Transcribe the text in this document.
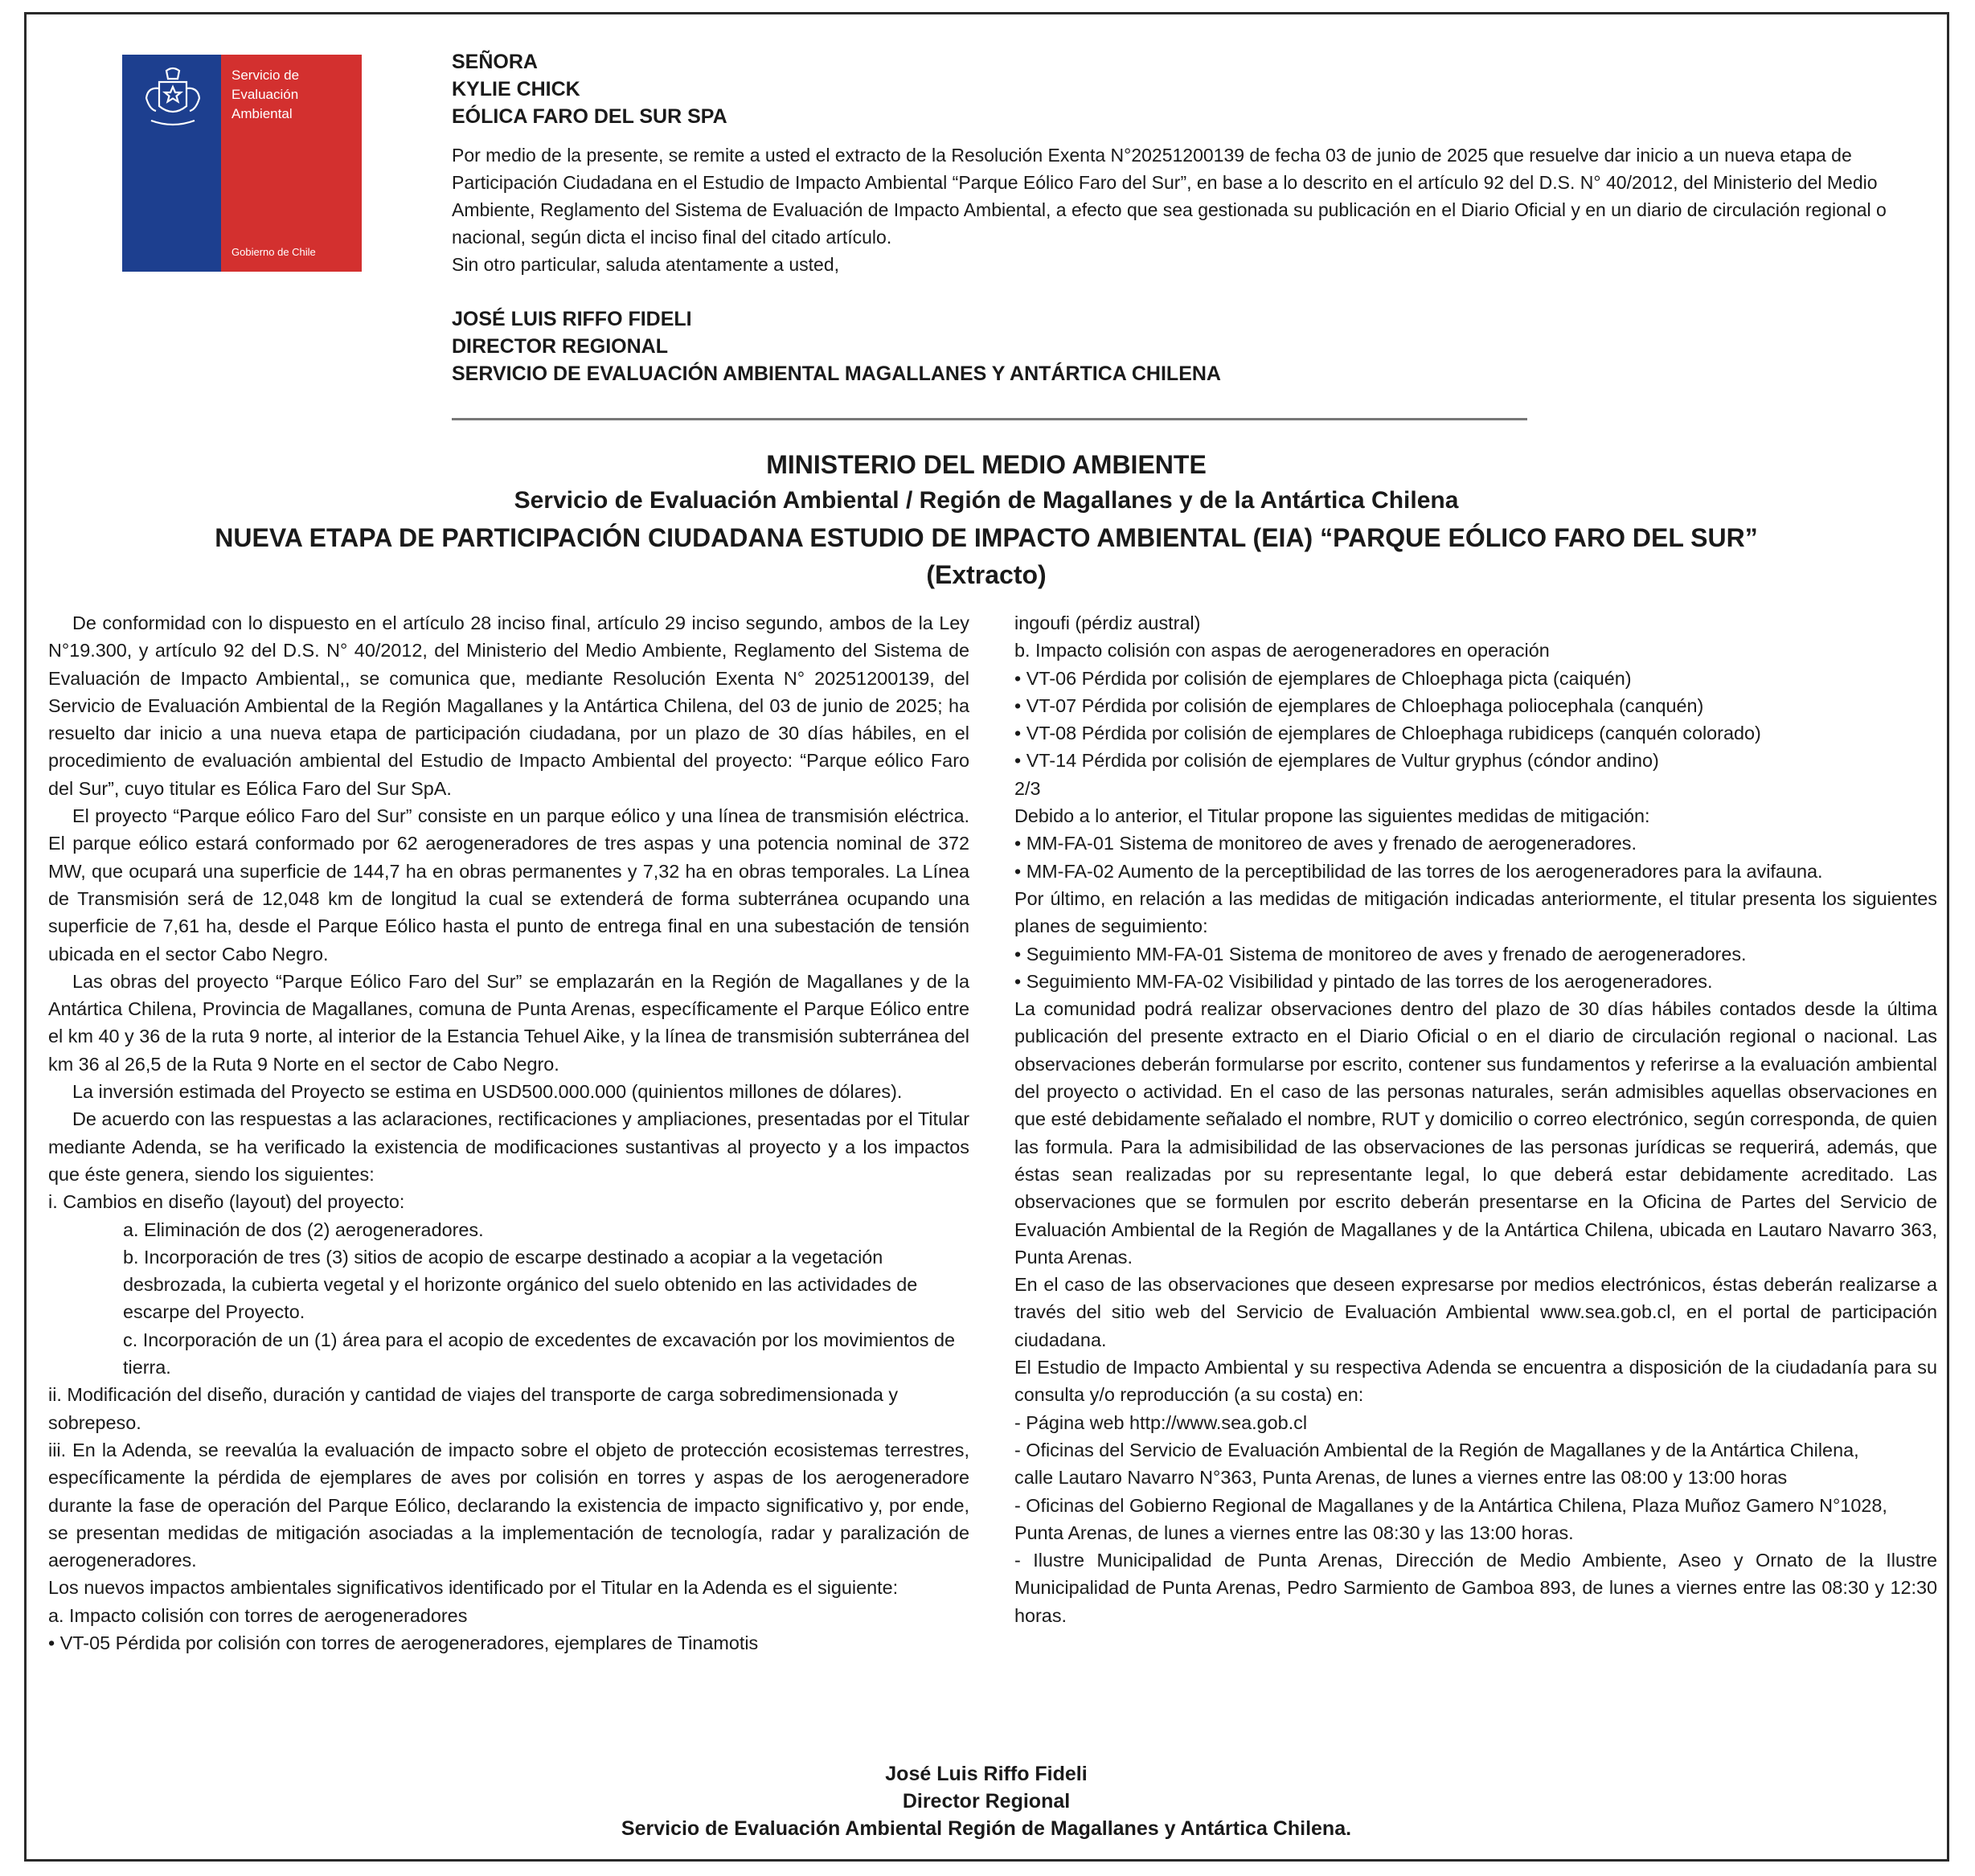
Servicio de
Evaluación
Ambiental
Gobierno de Chile

SEÑORA

KYLIE CHICK

EÓLICA FARO DEL SUR SPA

Por medio de la presente, se remite a usted el extracto de la Resolución Exenta N°20251200139 de fecha 03 de junio de 2025 que resuelve dar inicio a un nueva etapa de Participación Ciudadana en el Estudio de Impacto Ambiental “Parque Eólico Faro del Sur”, en base a lo descrito en el artículo 92 del D.S. N° 40/2012, del Ministerio del Medio Ambiente, Reglamento del Sistema de Evaluación de Impacto Ambiental, a efecto que sea gestionada su publicación en el Diario Oficial y en un diario de circulación regional o nacional, según dicta el inciso final del citado artículo.

Sin otro particular, saluda atentamente a usted,

JOSÉ LUIS RIFFO FIDELI

DIRECTOR REGIONAL

SERVICIO DE EVALUACIÓN AMBIENTAL MAGALLANES Y ANTÁRTICA CHILENA

MINISTERIO DEL MEDIO AMBIENTE
Servicio de Evaluación Ambiental / Región de Magallanes y de la Antártica Chilena
NUEVA ETAPA DE PARTICIPACIÓN CIUDADANA ESTUDIO DE IMPACTO AMBIENTAL (EIA) “PARQUE EÓLICO FARO DEL SUR”
(Extracto)

De conformidad con lo dispuesto en el artículo 28 inciso final, artículo 29 inciso segundo, ambos de la Ley N°19.300, y artículo 92 del D.S. N° 40/2012, del Ministerio del Medio Ambiente, Reglamento del Sistema de Evaluación de Impacto Ambiental,, se comunica que, mediante Resolución Exenta N° 20251200139, del Servicio de Evaluación Ambiental de la Región Magallanes y la Antártica Chilena, del 03 de junio de 2025; ha resuelto dar inicio a una nueva etapa de participación ciudadana, por un plazo de 30 días hábiles, en el procedimiento de evaluación ambiental del Estudio de Impacto Ambiental del proyecto: “Parque eólico Faro del Sur”, cuyo titular es Eólica Faro del Sur SpA.

El proyecto “Parque eólico Faro del Sur” consiste en un parque eólico y una línea de transmisión eléctrica. El parque eólico estará conformado por 62 aerogeneradores de tres aspas y una potencia nominal de 372 MW, que ocupará una superficie de 144,7 ha en obras permanentes y 7,32 ha en obras temporales. La Línea de Transmisión será de 12,048 km de longitud la cual se extenderá de forma subterránea ocupando una superficie de 7,61 ha, desde el Parque Eólico hasta el punto de entrega final en una subestación de tensión ubicada en el sector Cabo Negro.

Las obras del proyecto “Parque Eólico Faro del Sur” se emplazarán en la Región de Magallanes y de la Antártica Chilena, Provincia de Magallanes, comuna de Punta Arenas, específicamente el Parque Eólico entre el km 40 y 36 de la ruta 9 norte, al interior de la Estancia Tehuel Aike, y la línea de transmisión subterránea del km 36 al 26,5 de la Ruta 9 Norte en el sector de Cabo Negro.

La inversión estimada del Proyecto se estima en USD500.000.000 (quinientos millones de dólares).

De acuerdo con las respuestas a las aclaraciones, rectificaciones y ampliaciones, presentadas por el Titular mediante Adenda, se ha verificado la existencia de modificaciones sustantivas al proyecto y a los impactos que éste genera, siendo los siguientes:

i. Cambios en diseño (layout) del proyecto:

a. Eliminación de dos (2) aerogeneradores.

b. Incorporación de tres (3) sitios de acopio de escarpe destinado a acopiar a la vegetación desbrozada, la cubierta vegetal y el horizonte orgánico del suelo obtenido en las actividades de escarpe del Proyecto.

c. Incorporación de un (1) área para el acopio de excedentes de excavación por los movimientos de tierra.

ii. Modificación del diseño, duración y cantidad de viajes del transporte de carga sobredimensionada y sobrepeso.

iii. En la Adenda, se reevalúa la evaluación de impacto sobre el objeto de protección ecosistemas terrestres, específicamente la pérdida de ejemplares de aves por colisión en torres y aspas de los aerogeneradore durante la fase de operación del Parque Eólico, declarando la existencia de impacto significativo y, por ende, se presentan medidas de mitigación asociadas a la implementación de tecnología, radar y paralización de aerogeneradores.

Los nuevos impactos ambientales significativos identificado por el Titular en la Adenda es el siguiente:

a. Impacto colisión con torres de aerogeneradores

• VT-05 Pérdida por colisión con torres de aerogeneradores, ejemplares de Tinamotis

ingoufi (pérdiz austral)

b. Impacto colisión con aspas de aerogeneradores en operación

• VT-06 Pérdida por colisión de ejemplares de Chloephaga picta (caiquén)

• VT-07 Pérdida por colisión de ejemplares de Chloephaga poliocephala (canquén)

• VT-08 Pérdida por colisión de ejemplares de Chloephaga rubidiceps (canquén colorado)

• VT-14 Pérdida por colisión de ejemplares de Vultur gryphus (cóndor andino)

2/3

Debido a lo anterior, el Titular propone las siguientes medidas de mitigación:

• MM-FA-01 Sistema de monitoreo de aves y frenado de aerogeneradores.

• MM-FA-02 Aumento de la perceptibilidad de las torres de los aerogeneradores para la avifauna.

Por último, en relación a las medidas de mitigación indicadas anteriormente, el titular presenta los siguientes planes de seguimiento:

• Seguimiento MM-FA-01 Sistema de monitoreo de aves y frenado de aerogeneradores.

• Seguimiento MM-FA-02 Visibilidad y pintado de las torres de los aerogeneradores.

La comunidad podrá realizar observaciones dentro del plazo de 30 días hábiles contados desde la última publicación del presente extracto en el Diario Oficial o en el diario de circulación regional o nacional. Las observaciones deberán formularse por escrito, contener sus fundamentos y referirse a la evaluación ambiental del proyecto o actividad. En el caso de las personas naturales, serán admisibles aquellas observaciones en que esté debidamente señalado el nombre, RUT y domicilio o correo electrónico, según corresponda, de quien las formula. Para la admisibilidad de las observaciones de las personas jurídicas se requerirá, además, que éstas sean realizadas por su representante legal, lo que deberá estar debidamente acreditado. Las observaciones que se formulen por escrito deberán presentarse en la Oficina de Partes del Servicio de Evaluación Ambiental de la Región de Magallanes y de la Antártica Chilena, ubicada en Lautaro Navarro 363, Punta Arenas.

En el caso de las observaciones que deseen expresarse por medios electrónicos, éstas deberán realizarse a través del sitio web del Servicio de Evaluación Ambiental www.sea.gob.cl, en el portal de participación ciudadana.

El Estudio de Impacto Ambiental y su respectiva Adenda se encuentra a disposición de la ciudadanía para su consulta y/o reproducción (a su costa) en:

- Página web http://www.sea.gob.cl

- Oficinas del Servicio de Evaluación Ambiental de la Región de Magallanes y de la Antártica Chilena,

calle Lautaro Navarro N°363, Punta Arenas, de lunes a viernes entre las 08:00 y 13:00 horas

- Oficinas del Gobierno Regional de Magallanes y de la Antártica Chilena, Plaza Muñoz Gamero N°1028,

Punta Arenas, de lunes a viernes entre las 08:30 y las 13:00 horas.

- Ilustre Municipalidad de Punta Arenas, Dirección de Medio Ambiente, Aseo y Ornato de la Ilustre Municipalidad de Punta Arenas, Pedro Sarmiento de Gamboa 893, de lunes a viernes entre las 08:30 y 12:30 horas.

José Luis Riffo Fideli

Director Regional

Servicio de Evaluación Ambiental Región de Magallanes y Antártica Chilena.
